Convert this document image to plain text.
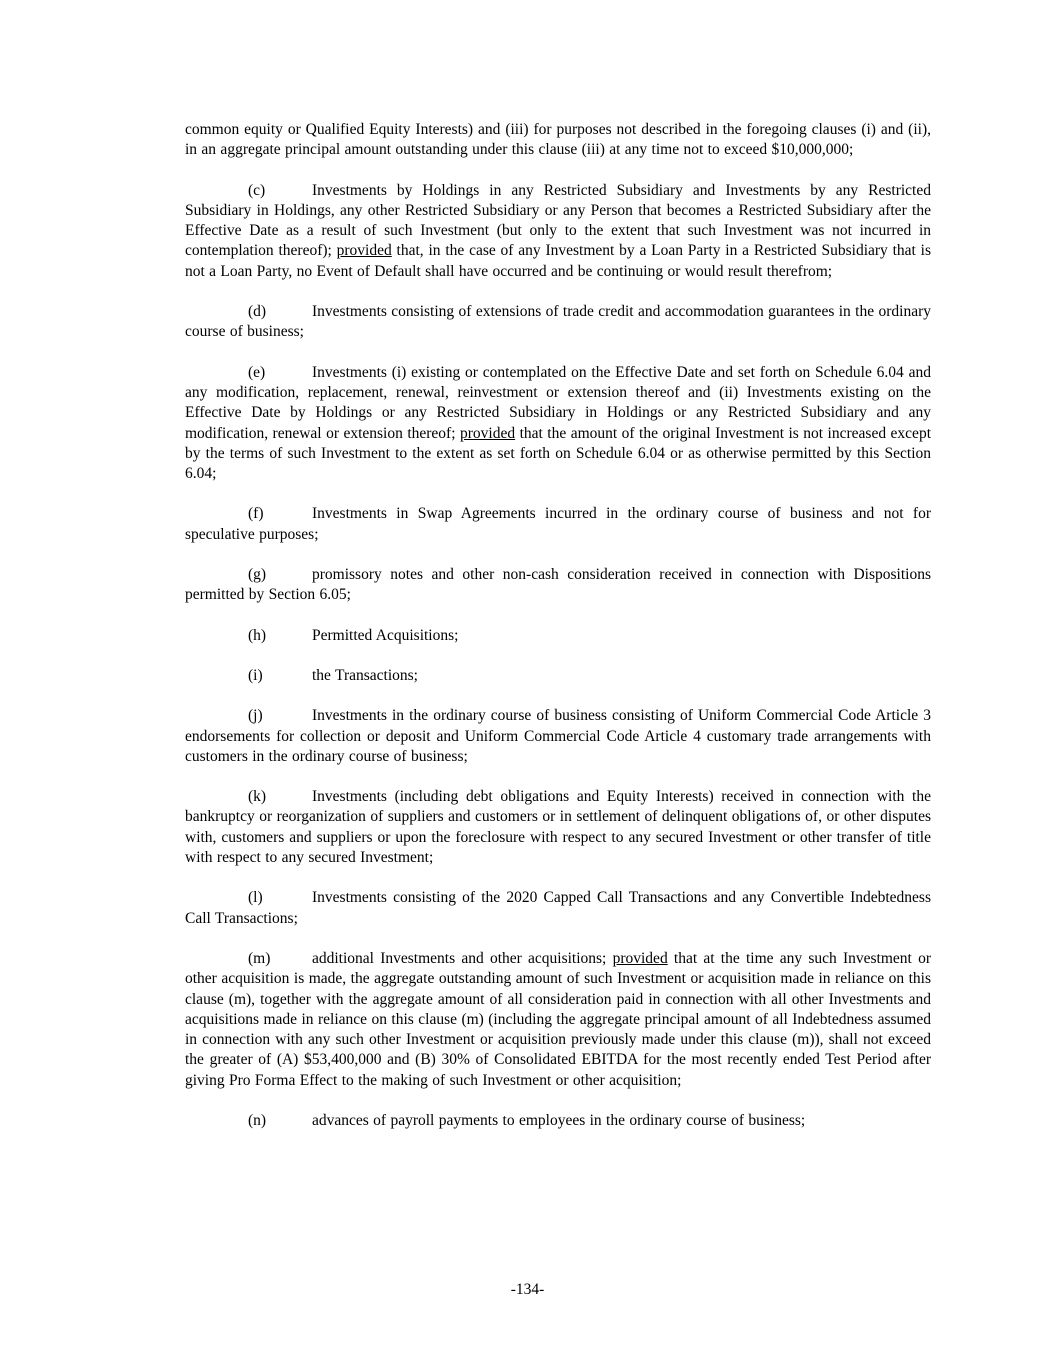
common equity or Qualified Equity Interests) and (iii) for purposes not described in the foregoing clauses (i) and (ii), in an aggregate principal amount outstanding under this clause (iii) at any time not to exceed $10,000,000;

(c)	Investments by Holdings in any Restricted Subsidiary and Investments by any Restricted Subsidiary in Holdings, any other Restricted Subsidiary or any Person that becomes a Restricted Subsidiary after the Effective Date as a result of such Investment (but only to the extent that such Investment was not incurred in contemplation thereof); provided that, in the case of any Investment by a Loan Party in a Restricted Subsidiary that is not a Loan Party, no Event of Default shall have occurred and be continuing or would result therefrom;

(d)	Investments consisting of extensions of trade credit and accommodation guarantees in the ordinary course of business;

(e)	Investments (i) existing or contemplated on the Effective Date and set forth on Schedule 6.04 and any modification, replacement, renewal, reinvestment or extension thereof and (ii) Investments existing on the Effective Date by Holdings or any Restricted Subsidiary in Holdings or any Restricted Subsidiary and any modification, renewal or extension thereof; provided that the amount of the original Investment is not increased except by the terms of such Investment to the extent as set forth on Schedule 6.04 or as otherwise permitted by this Section 6.04;

(f)	Investments in Swap Agreements incurred in the ordinary course of business and not for speculative purposes;

(g)	promissory notes and other non-cash consideration received in connection with Dispositions permitted by Section 6.05;

(h)	Permitted Acquisitions;

(i)	the Transactions;

(j)	Investments in the ordinary course of business consisting of Uniform Commercial Code Article 3 endorsements for collection or deposit and Uniform Commercial Code Article 4 customary trade arrangements with customers in the ordinary course of business;

(k)	Investments (including debt obligations and Equity Interests) received in connection with the bankruptcy or reorganization of suppliers and customers or in settlement of delinquent obligations of, or other disputes with, customers and suppliers or upon the foreclosure with respect to any secured Investment or other transfer of title with respect to any secured Investment;

(l)	Investments consisting of the 2020 Capped Call Transactions and any Convertible Indebtedness Call Transactions;

(m)	additional Investments and other acquisitions; provided that at the time any such Investment or other acquisition is made, the aggregate outstanding amount of such Investment or acquisition made in reliance on this clause (m), together with the aggregate amount of all consideration paid in connection with all other Investments and acquisitions made in reliance on this clause (m) (including the aggregate principal amount of all Indebtedness assumed in connection with any such other Investment or acquisition previously made under this clause (m)), shall not exceed the greater of (A) $53,400,000 and (B) 30% of Consolidated EBITDA for the most recently ended Test Period after giving Pro Forma Effect to the making of such Investment or other acquisition;

(n)	advances of payroll payments to employees in the ordinary course of business;

-134-
